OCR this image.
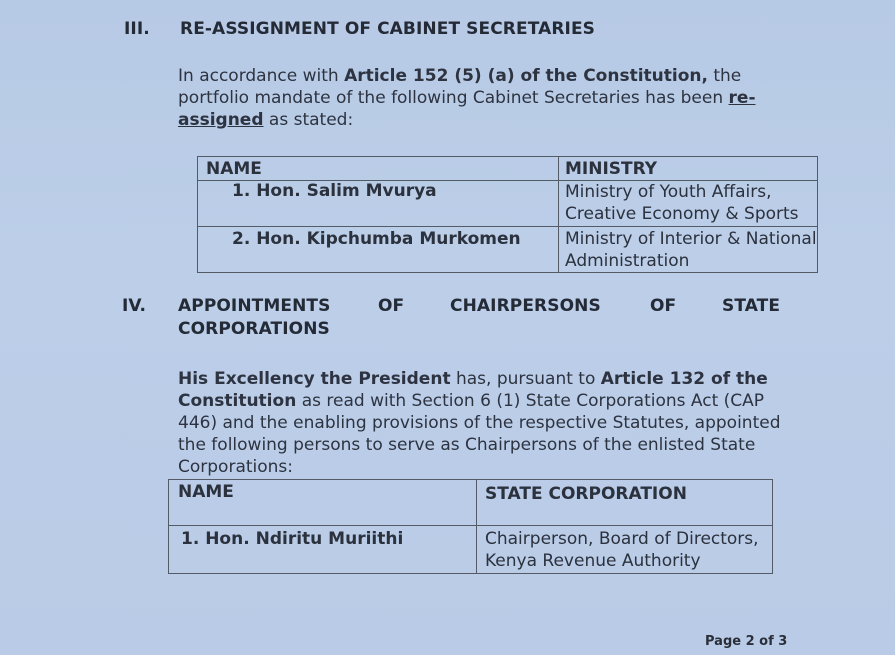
III. RE-ASSIGNMENT OF CABINET SECRETARIES
In accordance with Article 152 (5) (a) of the Constitution, the
portfolio mandate of the following Cabinet Secretaries has been re-
assigned as stated:
NAME	MINISTRY

1. Hon. Salim Mvurya	Ministry of Youth Affairs,
Creative Economy & Sports

2. Hon. Kipchumba Murkomen	Ministry of Interior & National
Administration
IV. APPOINTMENTS	OF	CHAIRPERSONS	OF	STATE
CORPORATIONS
His Excellency the President has, pursuant to Article 132 of the
Constitution as read with Section 6 (1) State Corporations Act (CAP
446) and the enabling provisions of the respective Statutes, appointed
the following persons to serve as Chairpersons of the enlisted State
Corporations:
NAME	STATE CORPORATION

1. Hon. Ndiritu Muriithi	Chairperson, Board of Directors,
Kenya Revenue Authority
Page 2 of 3
